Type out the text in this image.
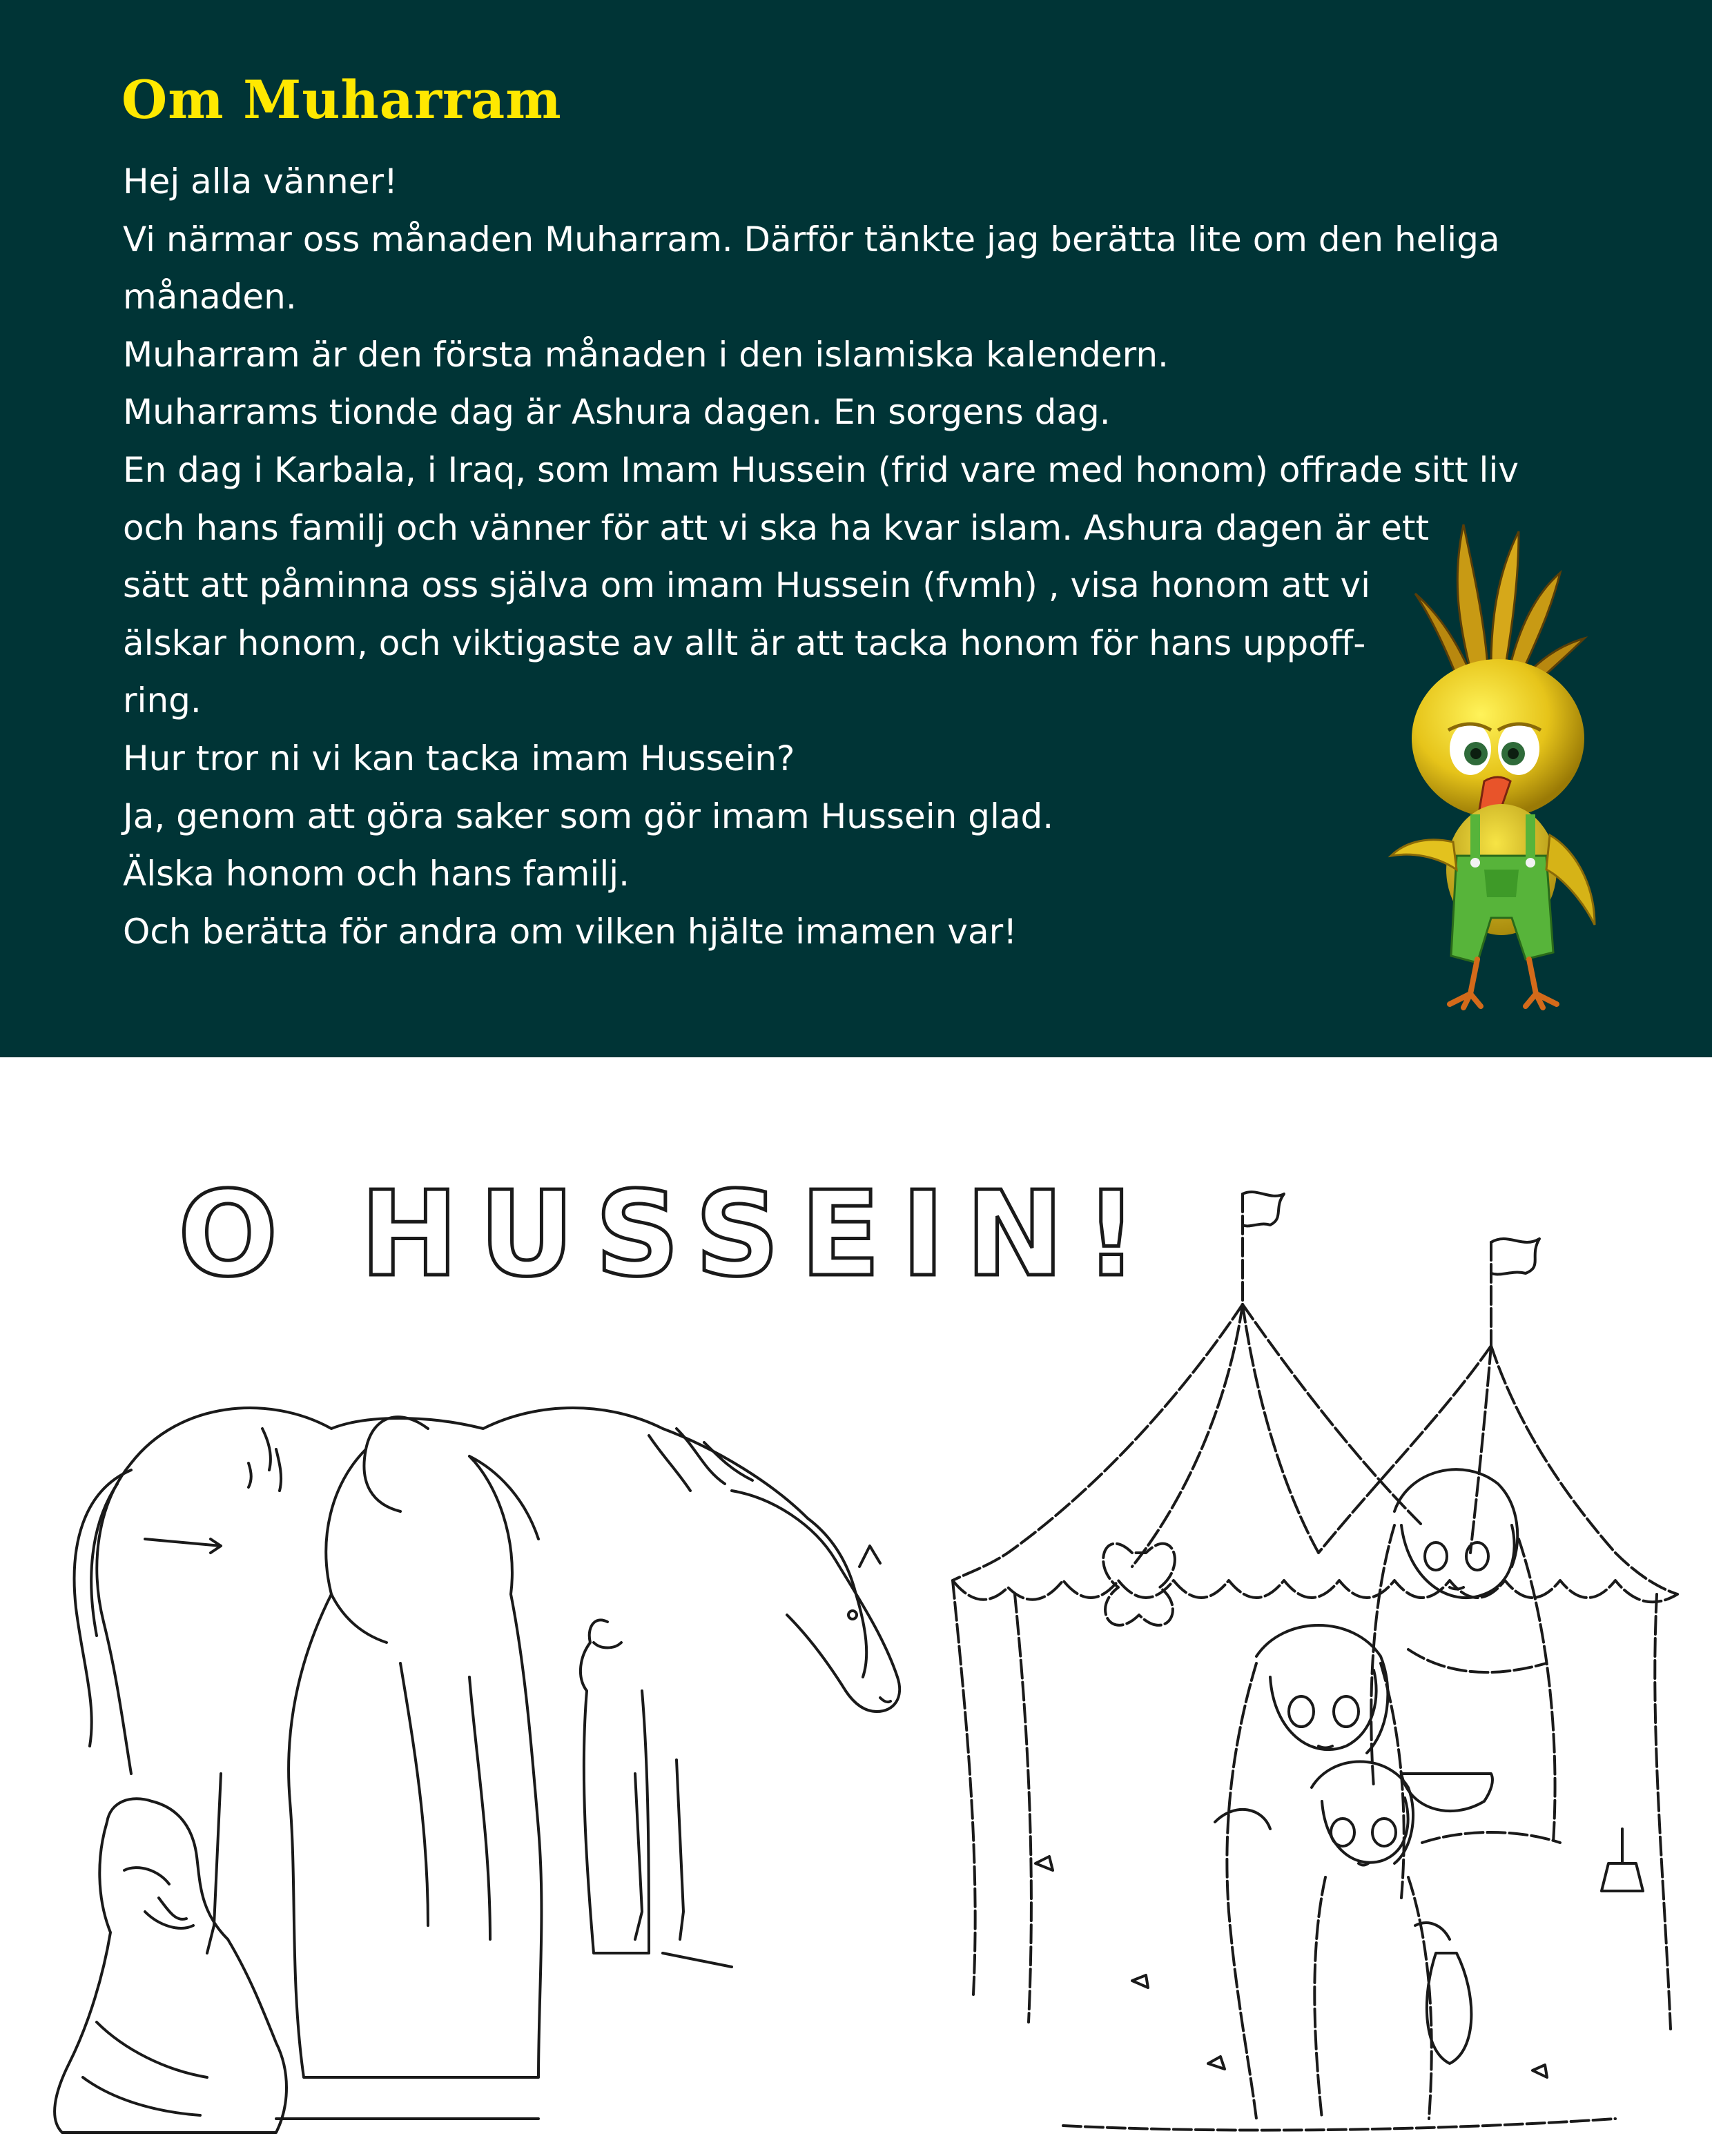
Om Muharram
Hej alla vänner!
Vi närmar oss månaden Muharram. Därför tänkte jag berätta lite om den heliga
månaden.
Muharram är den första månaden i den islamiska kalendern.
Muharrams tionde dag är Ashura dagen. En sorgens dag.
En dag i Karbala, i Iraq, som Imam Hussein (frid vare med honom) offrade sitt liv
och hans familj och vänner för att vi ska ha kvar islam. Ashura dagen är ett
sätt att påminna oss själva om imam Hussein (fvmh) , visa honom att vi
älskar honom, och viktigaste av allt är att tacka honom för hans uppoff-
ring.
Hur tror ni vi kan tacka imam Hussein?
Ja, genom att göra saker som gör imam Hussein glad.
Älska honom och hans familj.
Och berätta för andra om vilken hjälte imamen var!
O HUSSEIN!
